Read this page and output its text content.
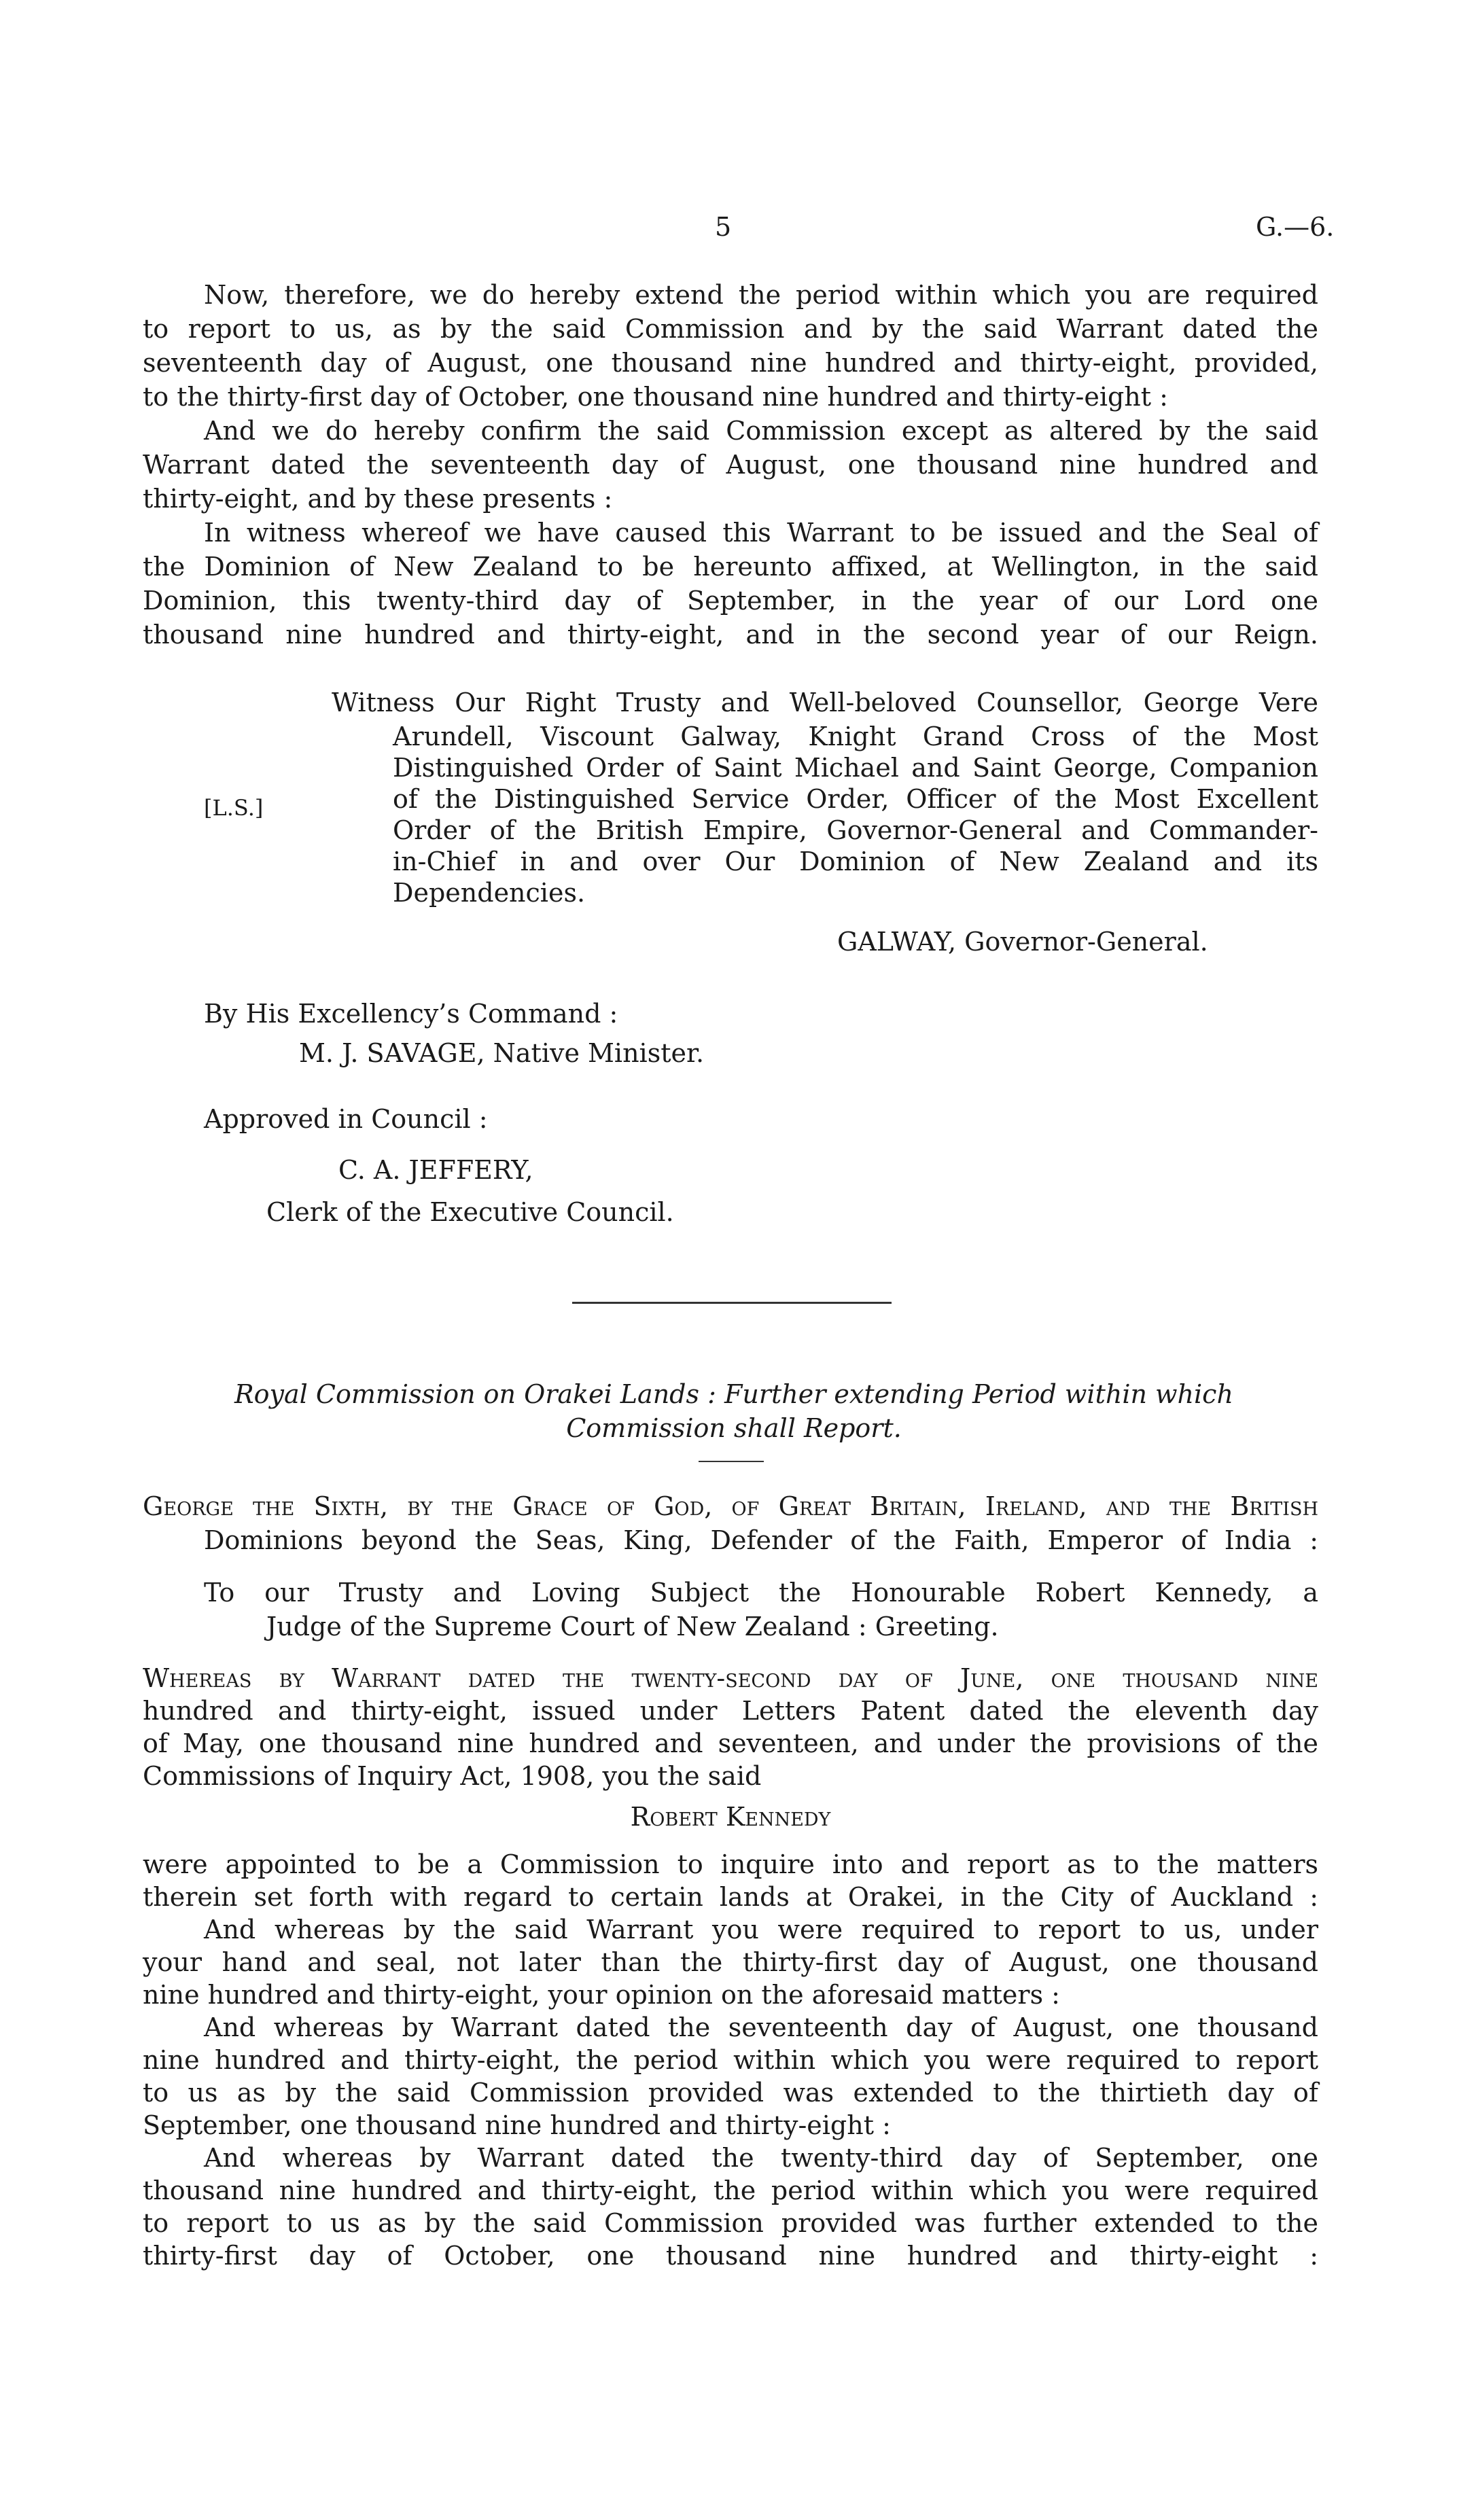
5	G.—6.
Now, therefore, we do hereby extend the period within which you are required
to report to us, as by the said Commission and by the said Warrant dated the
seventeenth day of August, one thousand nine hundred and thirty-eight, provided,
to the thirty-first day of October, one thousand nine hundred and thirty-eight :
And we do hereby confirm the said Commission except as altered by the said
Warrant dated the seventeenth day of August, one thousand nine hundred and
thirty-eight, and by these presents :
In witness whereof we have caused this Warrant to be issued and the Seal of
the Dominion of New Zealand to be hereunto affixed, at Wellington, in the said
Dominion, this twenty-third day of September, in the year of our Lord one
thousand nine hundred and thirty-eight, and in the second year of our Reign.
Witness Our Right Trusty and Well-beloved Counsellor, George Vere
Arundell, Viscount Galway, Knight Grand Cross of the Most
Distinguished Order of Saint Michael and Saint George, Companion
of the Distinguished Service Order, Officer of the Most Excellent
Order of the British Empire, Governor-General and Commander-
in-Chief in and over Our Dominion of New Zealand and its
Dependencies.
[L.S.]
GALWAY, Governor-General.
By His Excellency’s Command :
M. J. SAVAGE, Native Minister.
Approved in Council :
C. A. JEFFERY,
Clerk of the Executive Council.
Royal Commission on Orakei Lands : Further extending Period within which
Commission shall Report.
George the Sixth, by the Grace of God, of Great Britain, Ireland, and the British
Dominions beyond the Seas, King, Defender of the Faith, Emperor of India :
To our Trusty and Loving Subject the Honourable Robert Kennedy, a
Judge of the Supreme Court of New Zealand : Greeting.
Whereas by Warrant dated the twenty-second day of June, one thousand nine
hundred and thirty-eight, issued under Letters Patent dated the eleventh day
of May, one thousand nine hundred and seventeen, and under the provisions of the
Commissions of Inquiry Act, 1908, you the said
Robert Kennedy
were appointed to be a Commission to inquire into and report as to the matters
therein set forth with regard to certain lands at Orakei, in the City of Auckland :
And whereas by the said Warrant you were required to report to us, under
your hand and seal, not later than the thirty-first day of August, one thousand
nine hundred and thirty-eight, your opinion on the aforesaid matters :
And whereas by Warrant dated the seventeenth day of August, one thousand
nine hundred and thirty-eight, the period within which you were required to report
to us as by the said Commission provided was extended to the thirtieth day of
September, one thousand nine hundred and thirty-eight :
And whereas by Warrant dated the twenty-third day of September, one
thousand nine hundred and thirty-eight, the period within which you were required
to report to us as by the said Commission provided was further extended to the
thirty-first day of October, one thousand nine hundred and thirty-eight :
